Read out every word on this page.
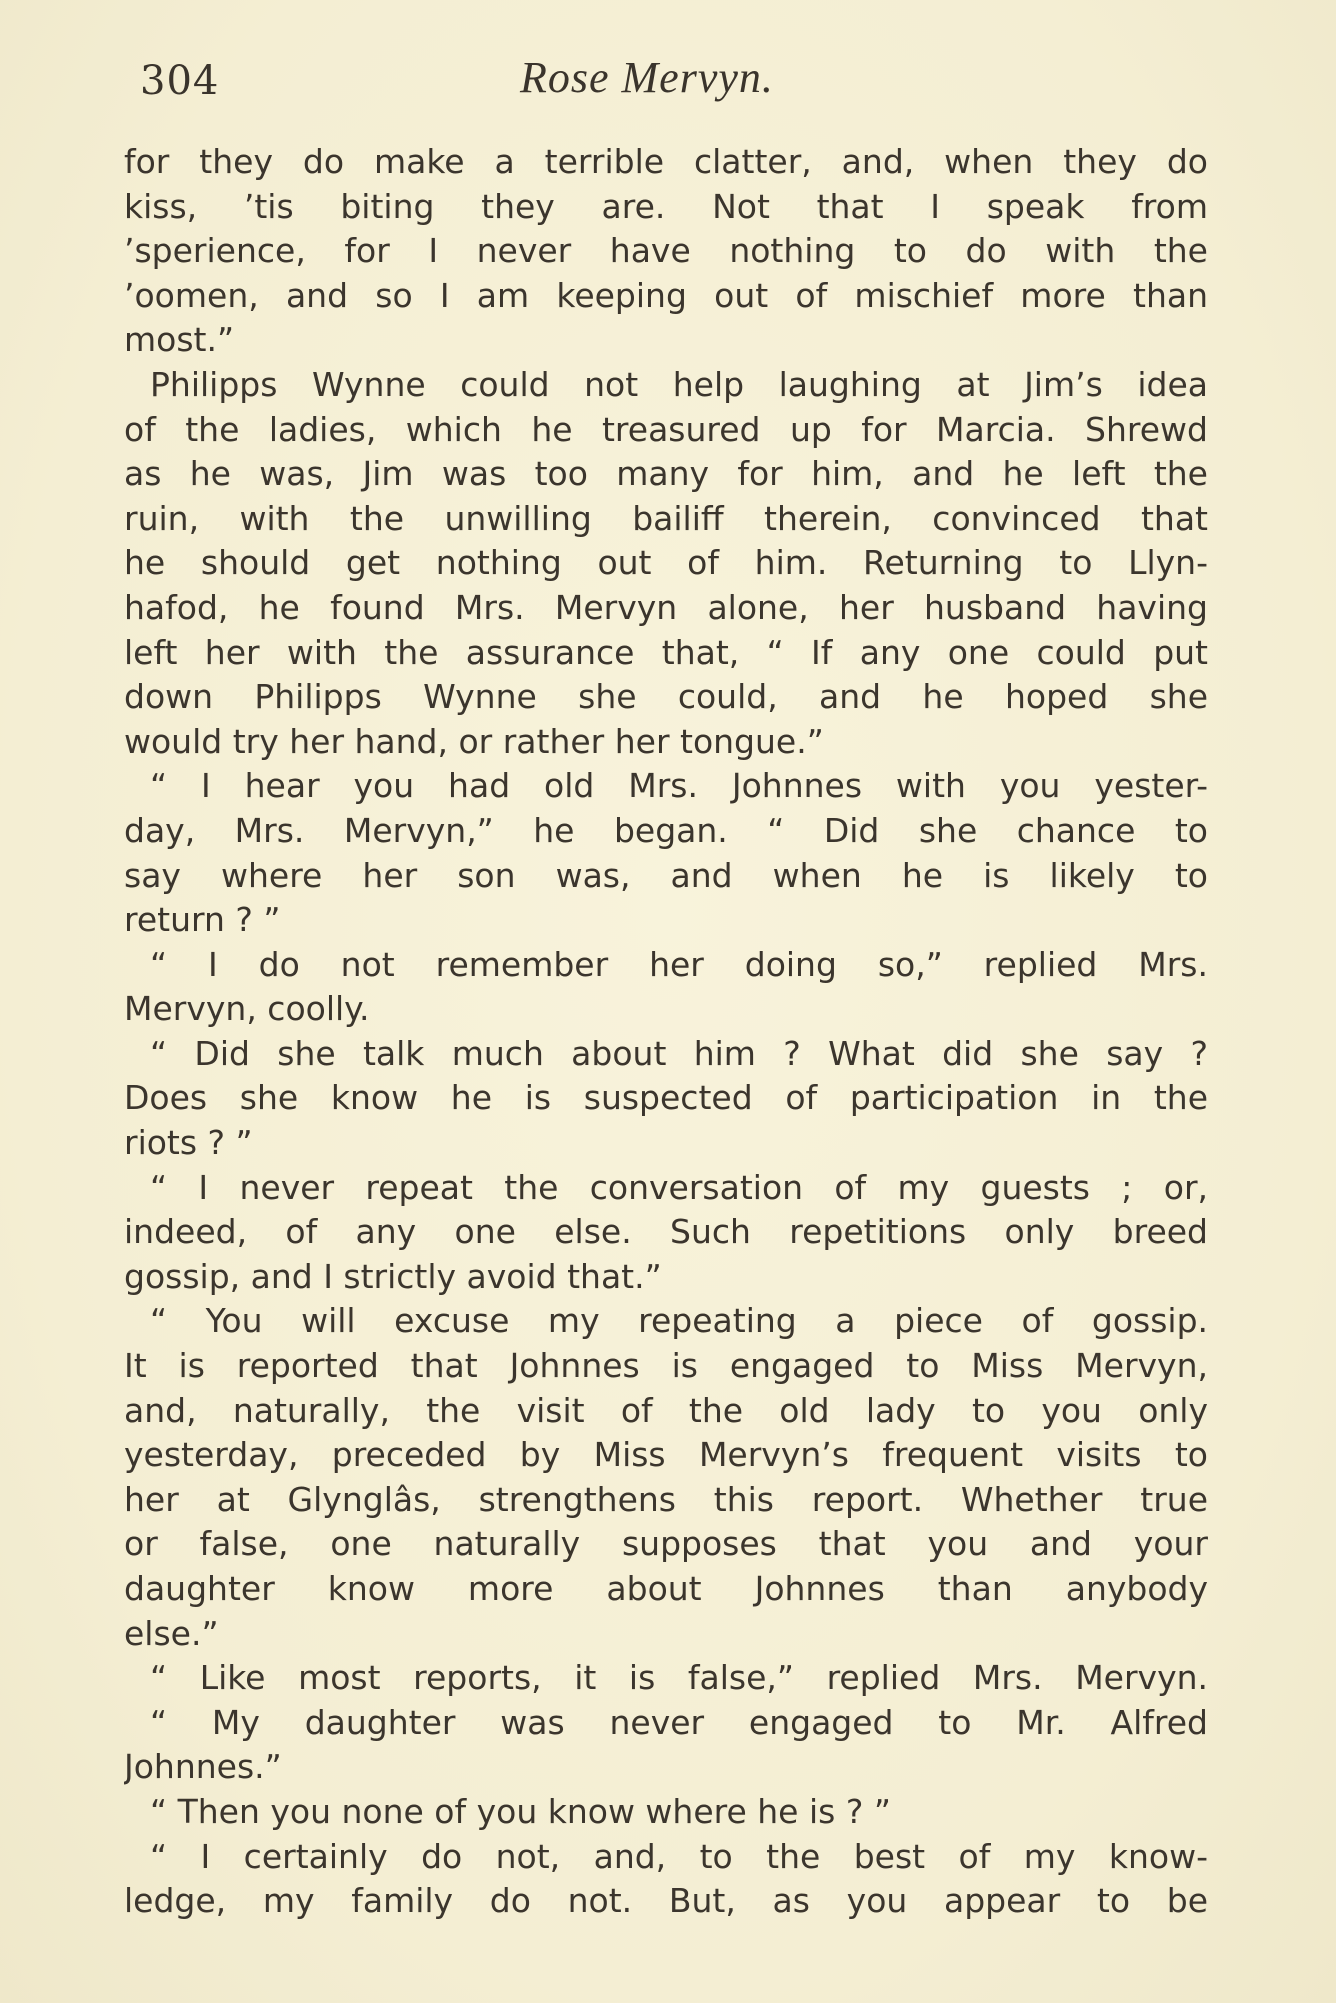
304	Rose Mervyn.
for they do make a terrible clatter, and, when they do
kiss, ’tis biting they are. Not that I speak from
’sperience, for I never have nothing to do with the
’oomen, and so I am keeping out of mischief more than
most.”
Philipps Wynne could not help laughing at Jim’s idea
of the ladies, which he treasured up for Marcia. Shrewd
as he was, Jim was too many for him, and he left the
ruin, with the unwilling bailiff therein, convinced that
he should get nothing out of him. Returning to Llyn-
hafod, he found Mrs. Mervyn alone, her husband having
left her with the assurance that, “ If any one could put
down Philipps Wynne she could, and he hoped she
would try her hand, or rather her tongue.”
“ I hear you had old Mrs. Johnnes with you yester-
day, Mrs. Mervyn,” he began. “ Did she chance to
say where her son was, and when he is likely to
return ? ”
“ I do not remember her doing so,” replied Mrs.
Mervyn, coolly.
“ Did she talk much about him ? What did she say ?
Does she know he is suspected of participation in the
riots ? ”
“ I never repeat the conversation of my guests ; or,
indeed, of any one else. Such repetitions only breed
gossip, and I strictly avoid that.”
“ You will excuse my repeating a piece of gossip.
It is reported that Johnnes is engaged to Miss Mervyn,
and, naturally, the visit of the old lady to you only
yesterday, preceded by Miss Mervyn’s frequent visits to
her at Glynglâs, strengthens this report. Whether true
or false, one naturally supposes that you and your
daughter know more about Johnnes than anybody
else.”
“ Like most reports, it is false,” replied Mrs. Mervyn.
“ My daughter was never engaged to Mr. Alfred
Johnnes.”
“ Then you none of you know where he is ? ”
“ I certainly do not, and, to the best of my know-
ledge, my family do not. But, as you appear to be
